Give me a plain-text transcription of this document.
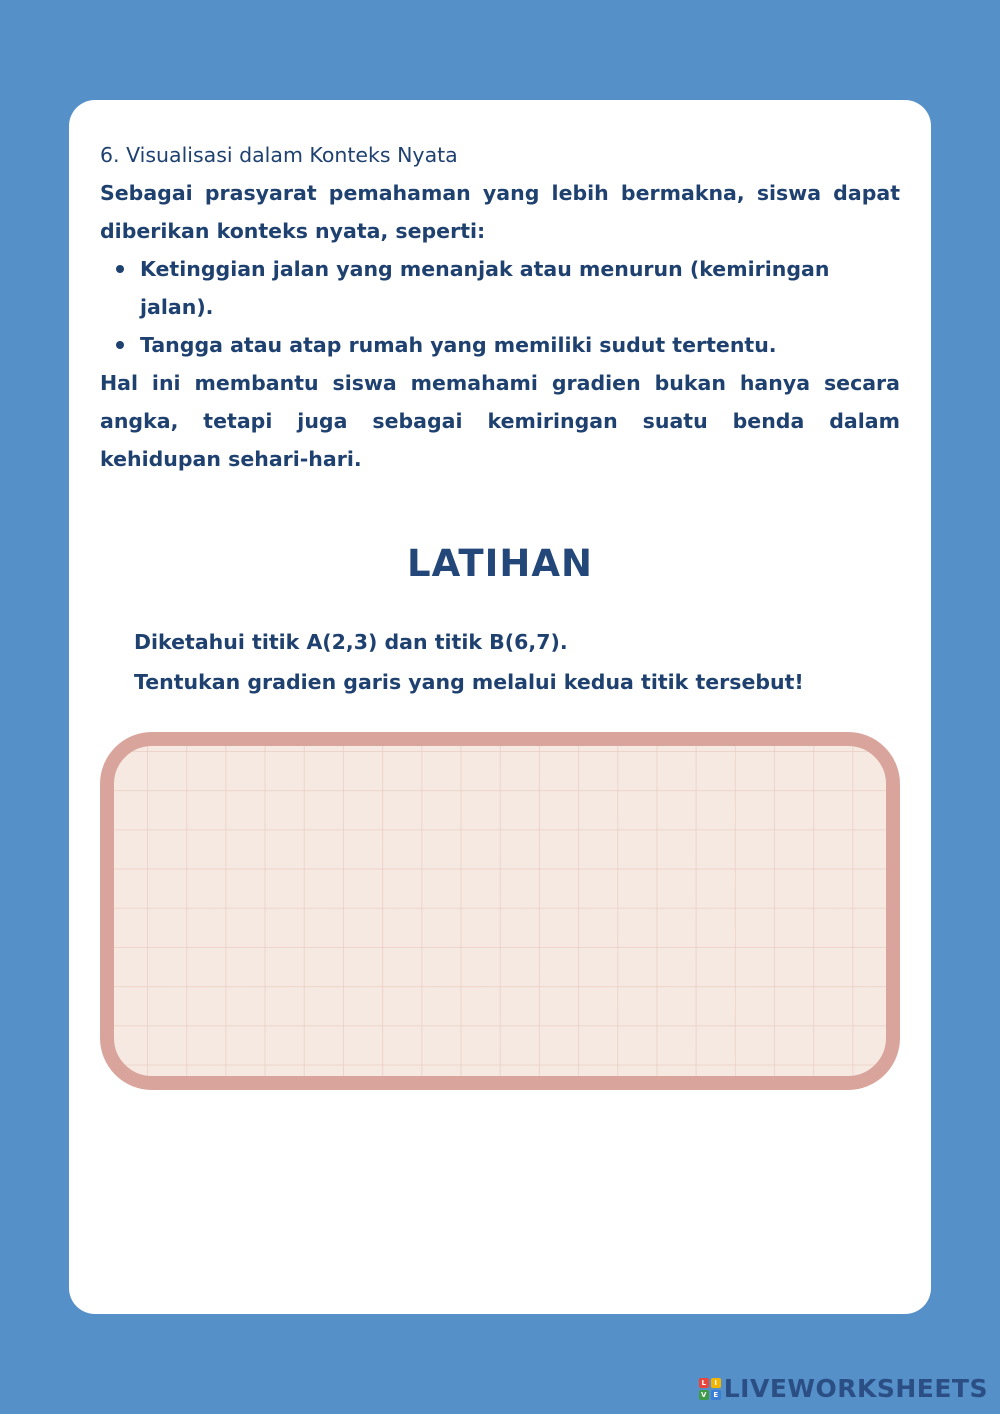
6. Visualisasi dalam Konteks Nyata

Sebagai prasyarat pemahaman yang lebih bermakna, siswa dapat diberikan konteks nyata, seperti:

Ketinggian jalan yang menanjak atau menurun (kemiringan jalan).
Tangga atau atap rumah yang memiliki sudut tertentu.

Hal ini membantu siswa memahami gradien bukan hanya secara angka, tetapi juga sebagai kemiringan suatu benda dalam kehidupan sehari-hari.

LATIHAN

Diketahui titik A(2,3) dan titik B(6,7).

Tentukan gradien garis yang melalui kedua titik tersebut!

L	I
V E LIVEWORKSHEETS
